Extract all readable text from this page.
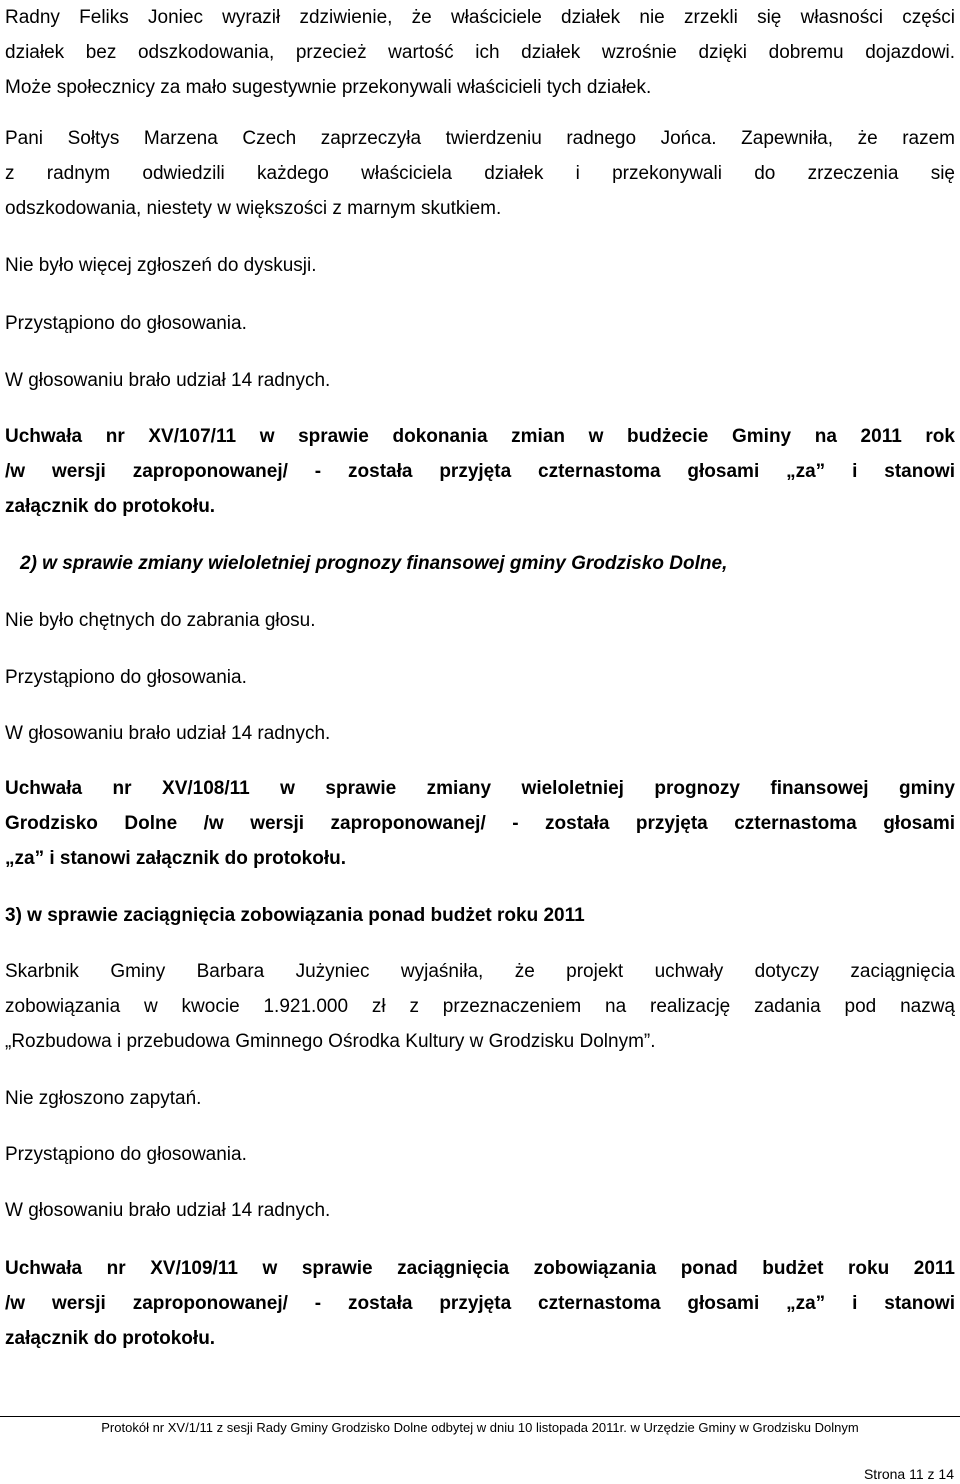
Radny Feliks Joniec wyraził zdziwienie, że właściciele działek nie zrzekli się własności części
działek bez odszkodowania, przecież wartość ich działek wzrośnie dzięki dobremu dojazdowi.
Może społecznicy za mało sugestywnie przekonywali właścicieli tych działek.
Pani Sołtys Marzena Czech zaprzeczyła twierdzeniu radnego Jońca. Zapewniła, że razem
z radnym odwiedzili każdego właściciela działek i przekonywali do zrzeczenia się
odszkodowania, niestety w większości z marnym skutkiem.
Nie było więcej zgłoszeń do dyskusji.
Przystąpiono do głosowania.
W głosowaniu brało udział 14 radnych.
Uchwała nr XV/107/11 w sprawie dokonania zmian w budżecie Gminy na 2011 rok
/w wersji zaproponowanej/ - została przyjęta czternastoma głosami „za” i stanowi
załącznik do protokołu.
2) w sprawie zmiany wieloletniej prognozy finansowej gminy Grodzisko Dolne,
Nie było chętnych do zabrania głosu.
Przystąpiono do głosowania.
W głosowaniu brało udział 14 radnych.
Uchwała nr XV/108/11 w sprawie zmiany wieloletniej prognozy finansowej gminy
Grodzisko Dolne /w wersji zaproponowanej/ - została przyjęta czternastoma głosami
„za” i stanowi załącznik do protokołu.
3) w sprawie zaciągnięcia zobowiązania ponad budżet roku 2011
Skarbnik Gminy Barbara Jużyniec wyjaśniła, że projekt uchwały dotyczy zaciągnięcia
zobowiązania w kwocie 1.921.000 zł z przeznaczeniem na realizację zadania pod nazwą
„Rozbudowa i przebudowa Gminnego Ośrodka Kultury w Grodzisku Dolnym”.
Nie zgłoszono zapytań.
Przystąpiono do głosowania.
W głosowaniu brało udział 14 radnych.
Uchwała nr XV/109/11 w sprawie zaciągnięcia zobowiązania ponad budżet roku 2011
/w wersji zaproponowanej/ - została przyjęta czternastoma głosami „za” i stanowi
załącznik do protokołu.
Protokół nr XV/1/11 z sesji Rady Gminy Grodzisko Dolne odbytej w dniu 10 listopada 2011r. w Urzędzie Gminy w Grodzisku Dolnym
Strona 11 z 14
